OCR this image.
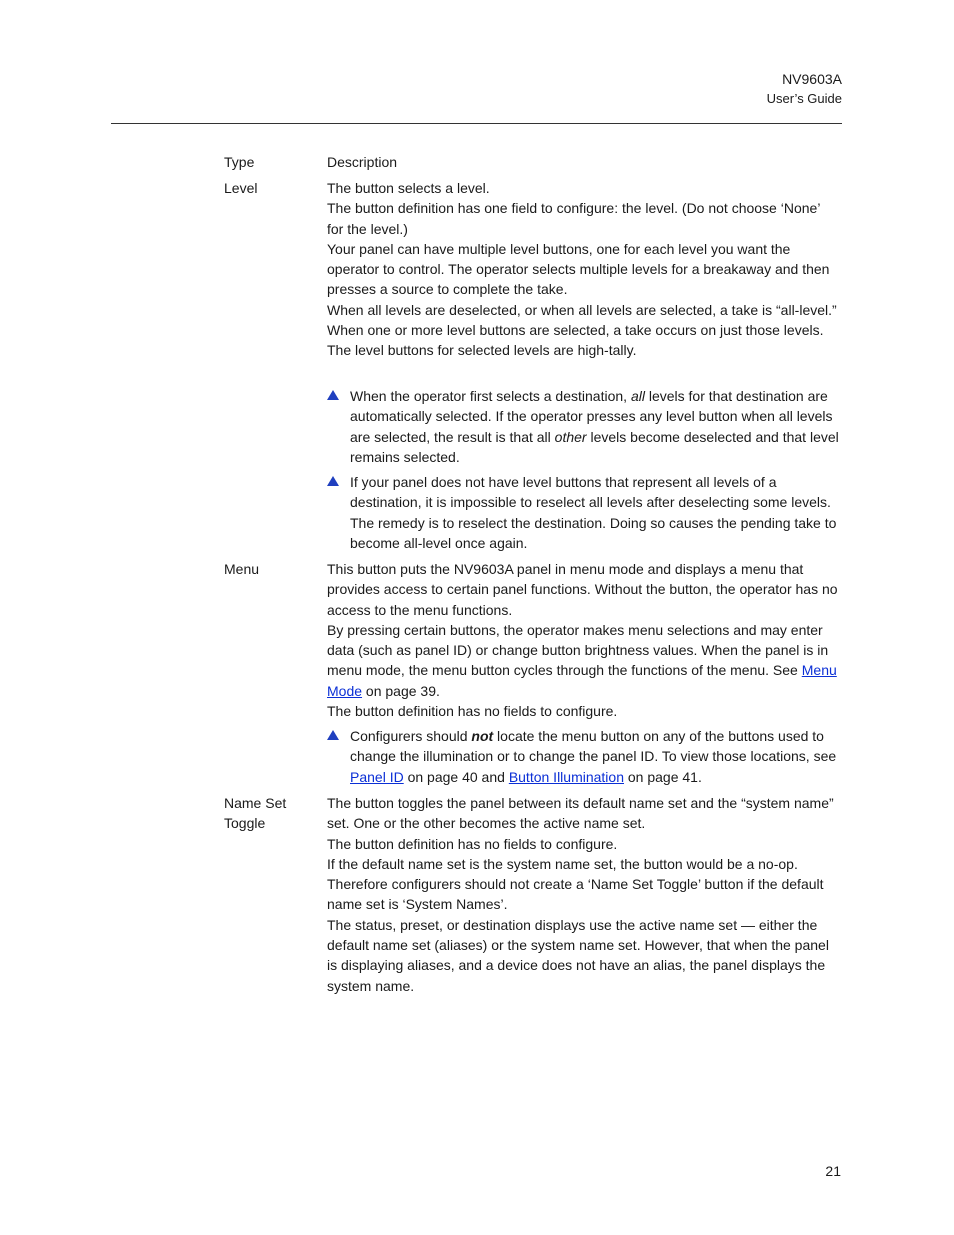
NV9603A
User’s Guide
Type	Description
Level	The button selects a level.

The button definition has one field to configure: the level. (Do not choose ‘None’ for the level.)

Your panel can have multiple level buttons, one for each level you want the operator to control. The operator selects multiple levels for a breakaway and then presses a source to complete the take.

When all levels are deselected, or when all levels are selected, a take is “all-level.” When one or more level buttons are selected, a take occurs on just those levels.

The level buttons for selected levels are high-tally.

When the operator first selects a destination, all levels for that destination are automatically selected. If the operator presses any level button when all levels are selected, the result is that all other levels become deselected and that level remains selected.
If your panel does not have level buttons that represent all levels of a destination, it is impossible to reselect all levels after deselecting some levels. The remedy is to reselect the destination. Doing so causes the pending take to become all-level once again.
Menu	This button puts the NV9603A panel in menu mode and displays a menu that provides access to certain panel functions. Without the button, the operator has no access to the menu functions.

By pressing certain buttons, the operator makes menu selections and may enter data (such as panel ID) or change button brightness values. When the panel is in menu mode, the menu button cycles through the functions of the menu. See Menu Mode on page 39.

The button definition has no fields to configure.

Configurers should not locate the menu button on any of the buttons used to change the illumination or to change the panel ID. To view those locations, see Panel ID on page 40 and Button Illumination on page 41.
Name Set
Toggle

The button toggles the panel between its default name set and the “system name” set. One or the other becomes the active name set.

The button definition has no fields to configure.

If the default name set is the system name set, the button would be a no-op. Therefore configurers should not create a ‘Name Set Toggle’ button if the default name set is ‘System Names’.

The status, preset, or destination displays use the active name set — either the default name set (aliases) or the system name set. However, that when the panel is displaying aliases, and a device does not have an alias, the panel displays the system name.

21
